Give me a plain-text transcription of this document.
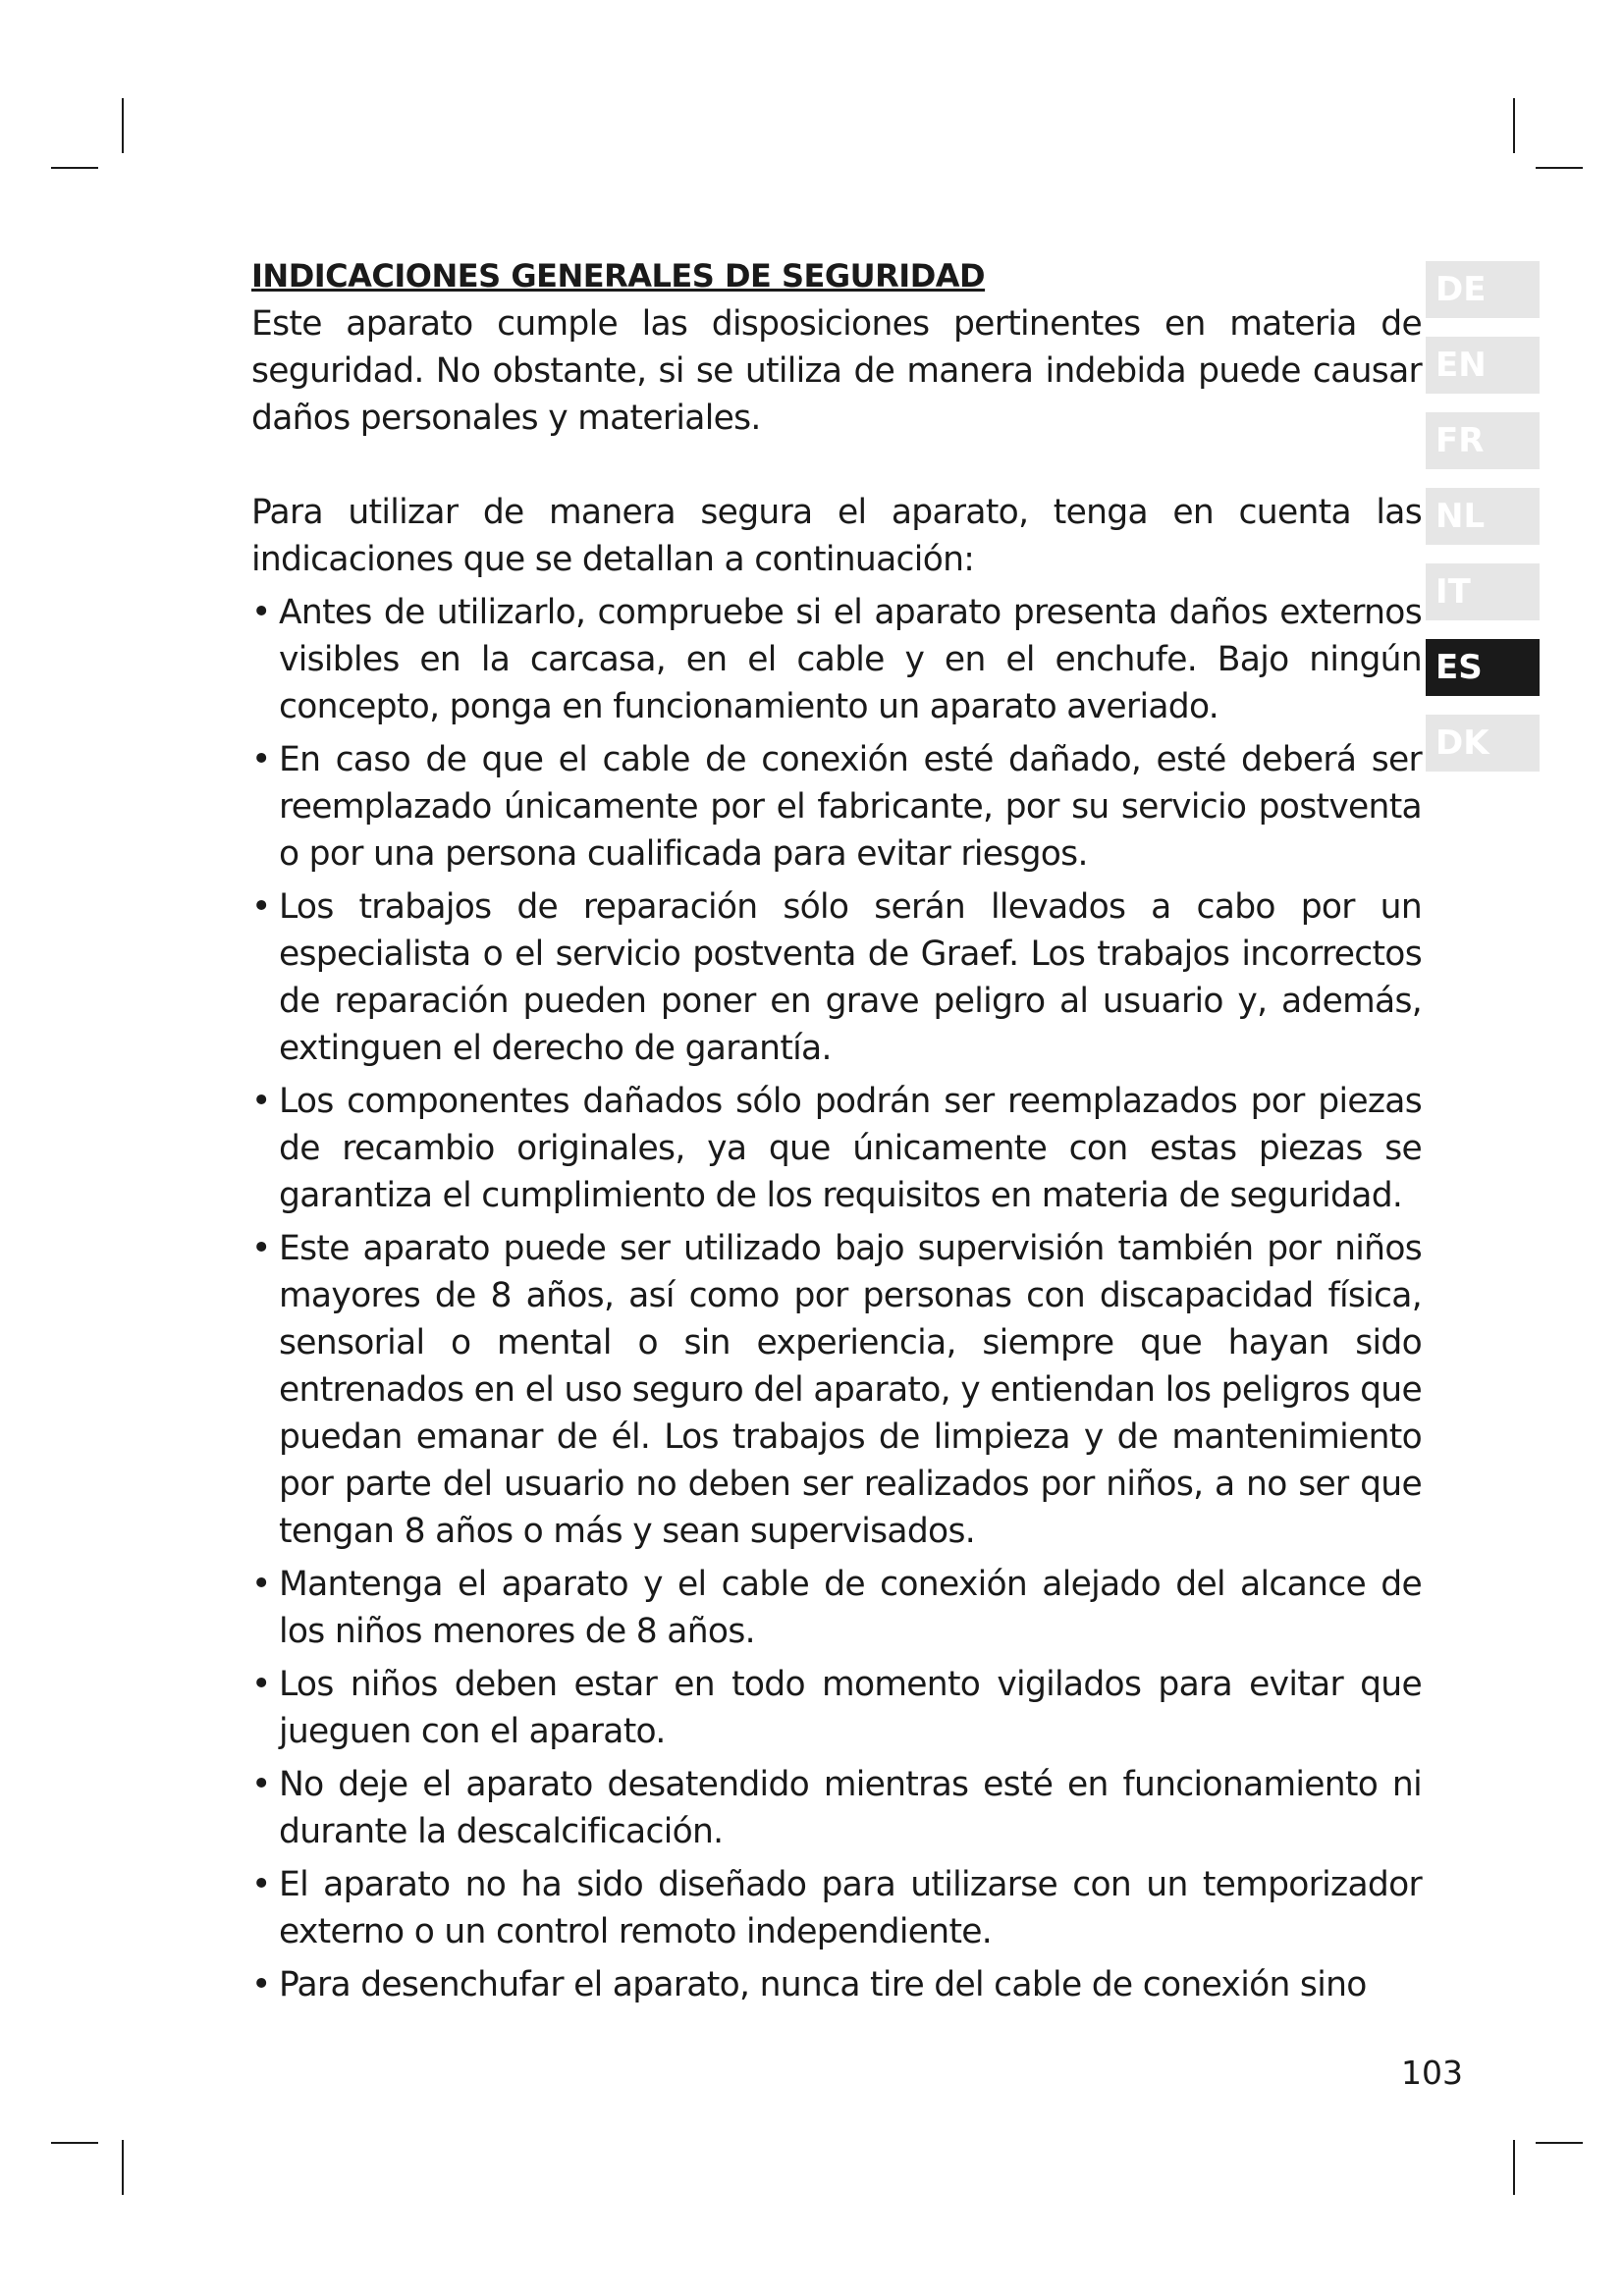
INDICACIONES GENERALES DE SEGURIDAD

Este aparato cumple las disposiciones pertinentes en materia de seguridad. No obstante, si se utiliza de manera indebida puede causar daños personales y materiales.

Para utilizar de manera segura el aparato, tenga en cuenta las indicaciones que se detallan a continuación:

• Antes de utilizarlo, compruebe si el aparato presenta daños externos visibles en la carcasa, en el cable y en el enchufe. Bajo ningún concepto, ponga en funcionamiento un aparato averiado.
• En caso de que el cable de conexión esté dañado, esté deberá ser reemplazado únicamente por el fabricante, por su servicio postventa o por una persona cualificada para evitar riesgos.
• Los trabajos de reparación sólo serán llevados a cabo por un especialista o el servicio postventa de Graef. Los trabajos incorrectos de reparación pueden poner en grave peligro al usuario y, además, extinguen el derecho de garantía.
• Los componentes dañados sólo podrán ser reemplazados por piezas de recambio originales, ya que únicamente con estas piezas se garantiza el cumplimiento de los requisitos en materia de seguridad.
• Este aparato puede ser utilizado bajo supervisión también por niños mayores de 8 años, así como por personas con discapacidad física, sensorial o mental o sin experiencia, siempre que hayan sido entrenados en el uso seguro del aparato, y entiendan los peligros que puedan emanar de él. Los trabajos de limpieza y de mantenimiento por parte del usuario no deben ser realizados por niños, a no ser que tengan 8 años o más y sean supervisados.
• Mantenga el aparato y el cable de conexión alejado del alcance de los niños menores de 8 años.
• Los niños deben estar en todo momento vigilados para evitar que jueguen con el aparato.
• No deje el aparato desatendido mientras esté en funcionamiento ni durante la descalcificación.
• El aparato no ha sido diseñado para utilizarse con un temporizador externo o un control remoto independiente.
• Para desenchufar el aparato, nunca tire del cable de conexión sino
DE
EN
FR
NL
IT
ES
DK
103
